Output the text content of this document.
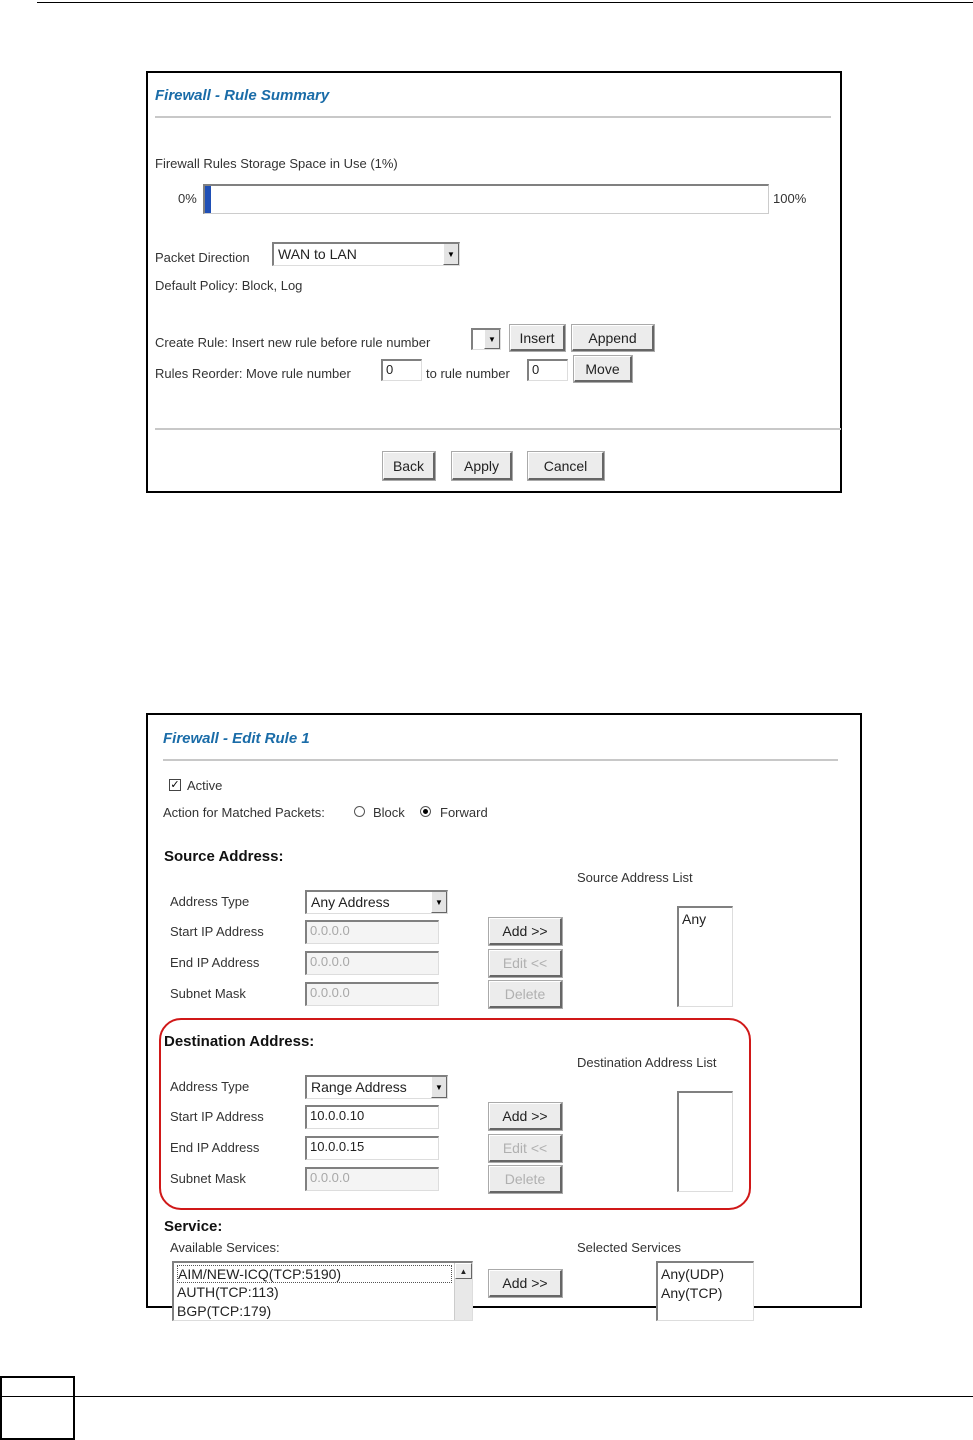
Firewall - Rule Summary
Firewall Rules Storage Space in Use (1%)
0%	100%
Packet Direction	WAN to LAN	▼
Default Policy: Block, Log
Create Rule: Insert new rule before rule number	▼	Insert	Append
Rules Reorder: Move rule number	0	to rule number	0	Move
Back	Apply	Cancel
Firewall - Edit Rule 1
✓ Active
Action for Matched Packets:	Block	Forward
Source Address:
Source Address List
Address Type	Any Address	▼
Start IP Address	0.0.0.0
End IP Address	0.0.0.0
Subnet Mask	0.0.0.0
Add >>
Edit <<
Delete
Any
Destination Address:
Destination Address List
Address Type	Range Address	▼
Start IP Address	10.0.0.10
End IP Address	10.0.0.15
Subnet Mask	0.0.0.0
Add >>
Edit <<
Delete
Service:
Available Services:	Selected Services
AIM/NEW-ICQ(TCP:5190)
AUTH(TCP:113)
BGP(TCP:179)
▲
Add >>
Any(UDP)
Any(TCP)
